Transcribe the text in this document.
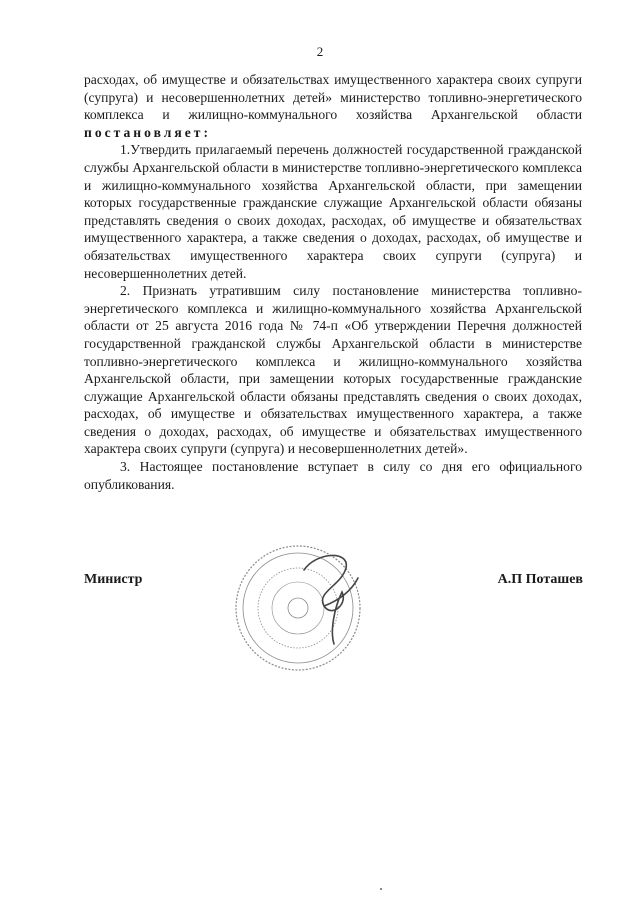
2

расходах, об имуществе и обязательствах имущественного характера своих супруги (супруга) и несовершеннолетних детей» министерство топливно-энергетического комплекса и жилищно-коммунального хозяйства Архангельской области постановляет:

1.Утвердить прилагаемый перечень должностей государственной гражданской службы Архангельской области в министерстве топливно-энергетического комплекса и жилищно-коммунального хозяйства Архангельской области, при замещении которых государственные гражданские служащие Архангельской области обязаны представлять сведения о своих доходах, расходах, об имуществе и обязательствах имущественного характера, а также сведения о доходах, расходах, об имуществе и обязательствах имущественного характера своих супруги (супруга) и несовершеннолетних детей.

2. Признать утратившим силу постановление министерства топливно-энергетического комплекса и жилищно-коммунального хозяйства Архангельской области от 25 августа 2016 года № 74-п «Об утверждении Перечня должностей государственной гражданской службы Архангельской области в министерстве топливно-энергетического комплекса и жилищно-коммунального хозяйства Архангельской области, при замещении которых государственные гражданские служащие Архангельской области обязаны представлять сведения о своих доходах, расходах, об имуществе и обязательствах имущественного характера, а также сведения о доходах, расходах, об имуществе и обязательствах имущественного характера своих супруги (супруга) и несовершеннолетних детей».

3. Настоящее постановление вступает в силу со дня его официального опубликования.

Министр	А.П Поташев
